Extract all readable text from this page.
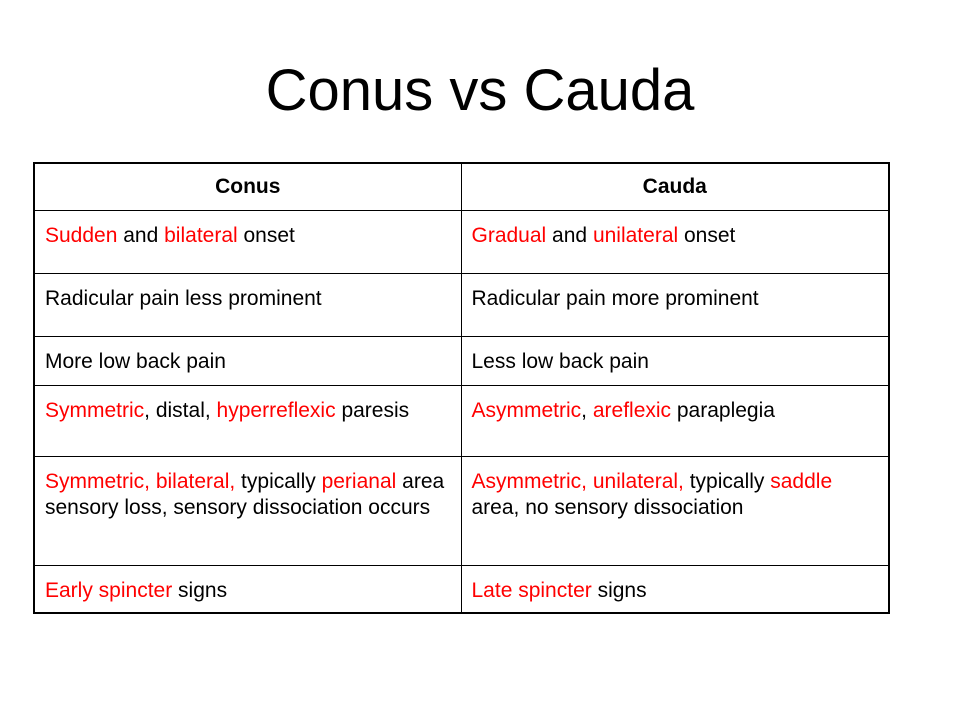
Conus vs Cauda
Conus	Cauda
Sudden and bilateral onset	Gradual and unilateral onset
Radicular pain less prominent	Radicular pain more prominent
More low back pain	Less low back pain
Symmetric, distal, hyperreflexic paresis	Asymmetric, areflexic paraplegia
Symmetric, bilateral, typically perianal area sensory loss, sensory dissociation occurs	Asymmetric, unilateral, typically saddle area, no sensory dissociation
Early spincter signs	Late spincter signs
